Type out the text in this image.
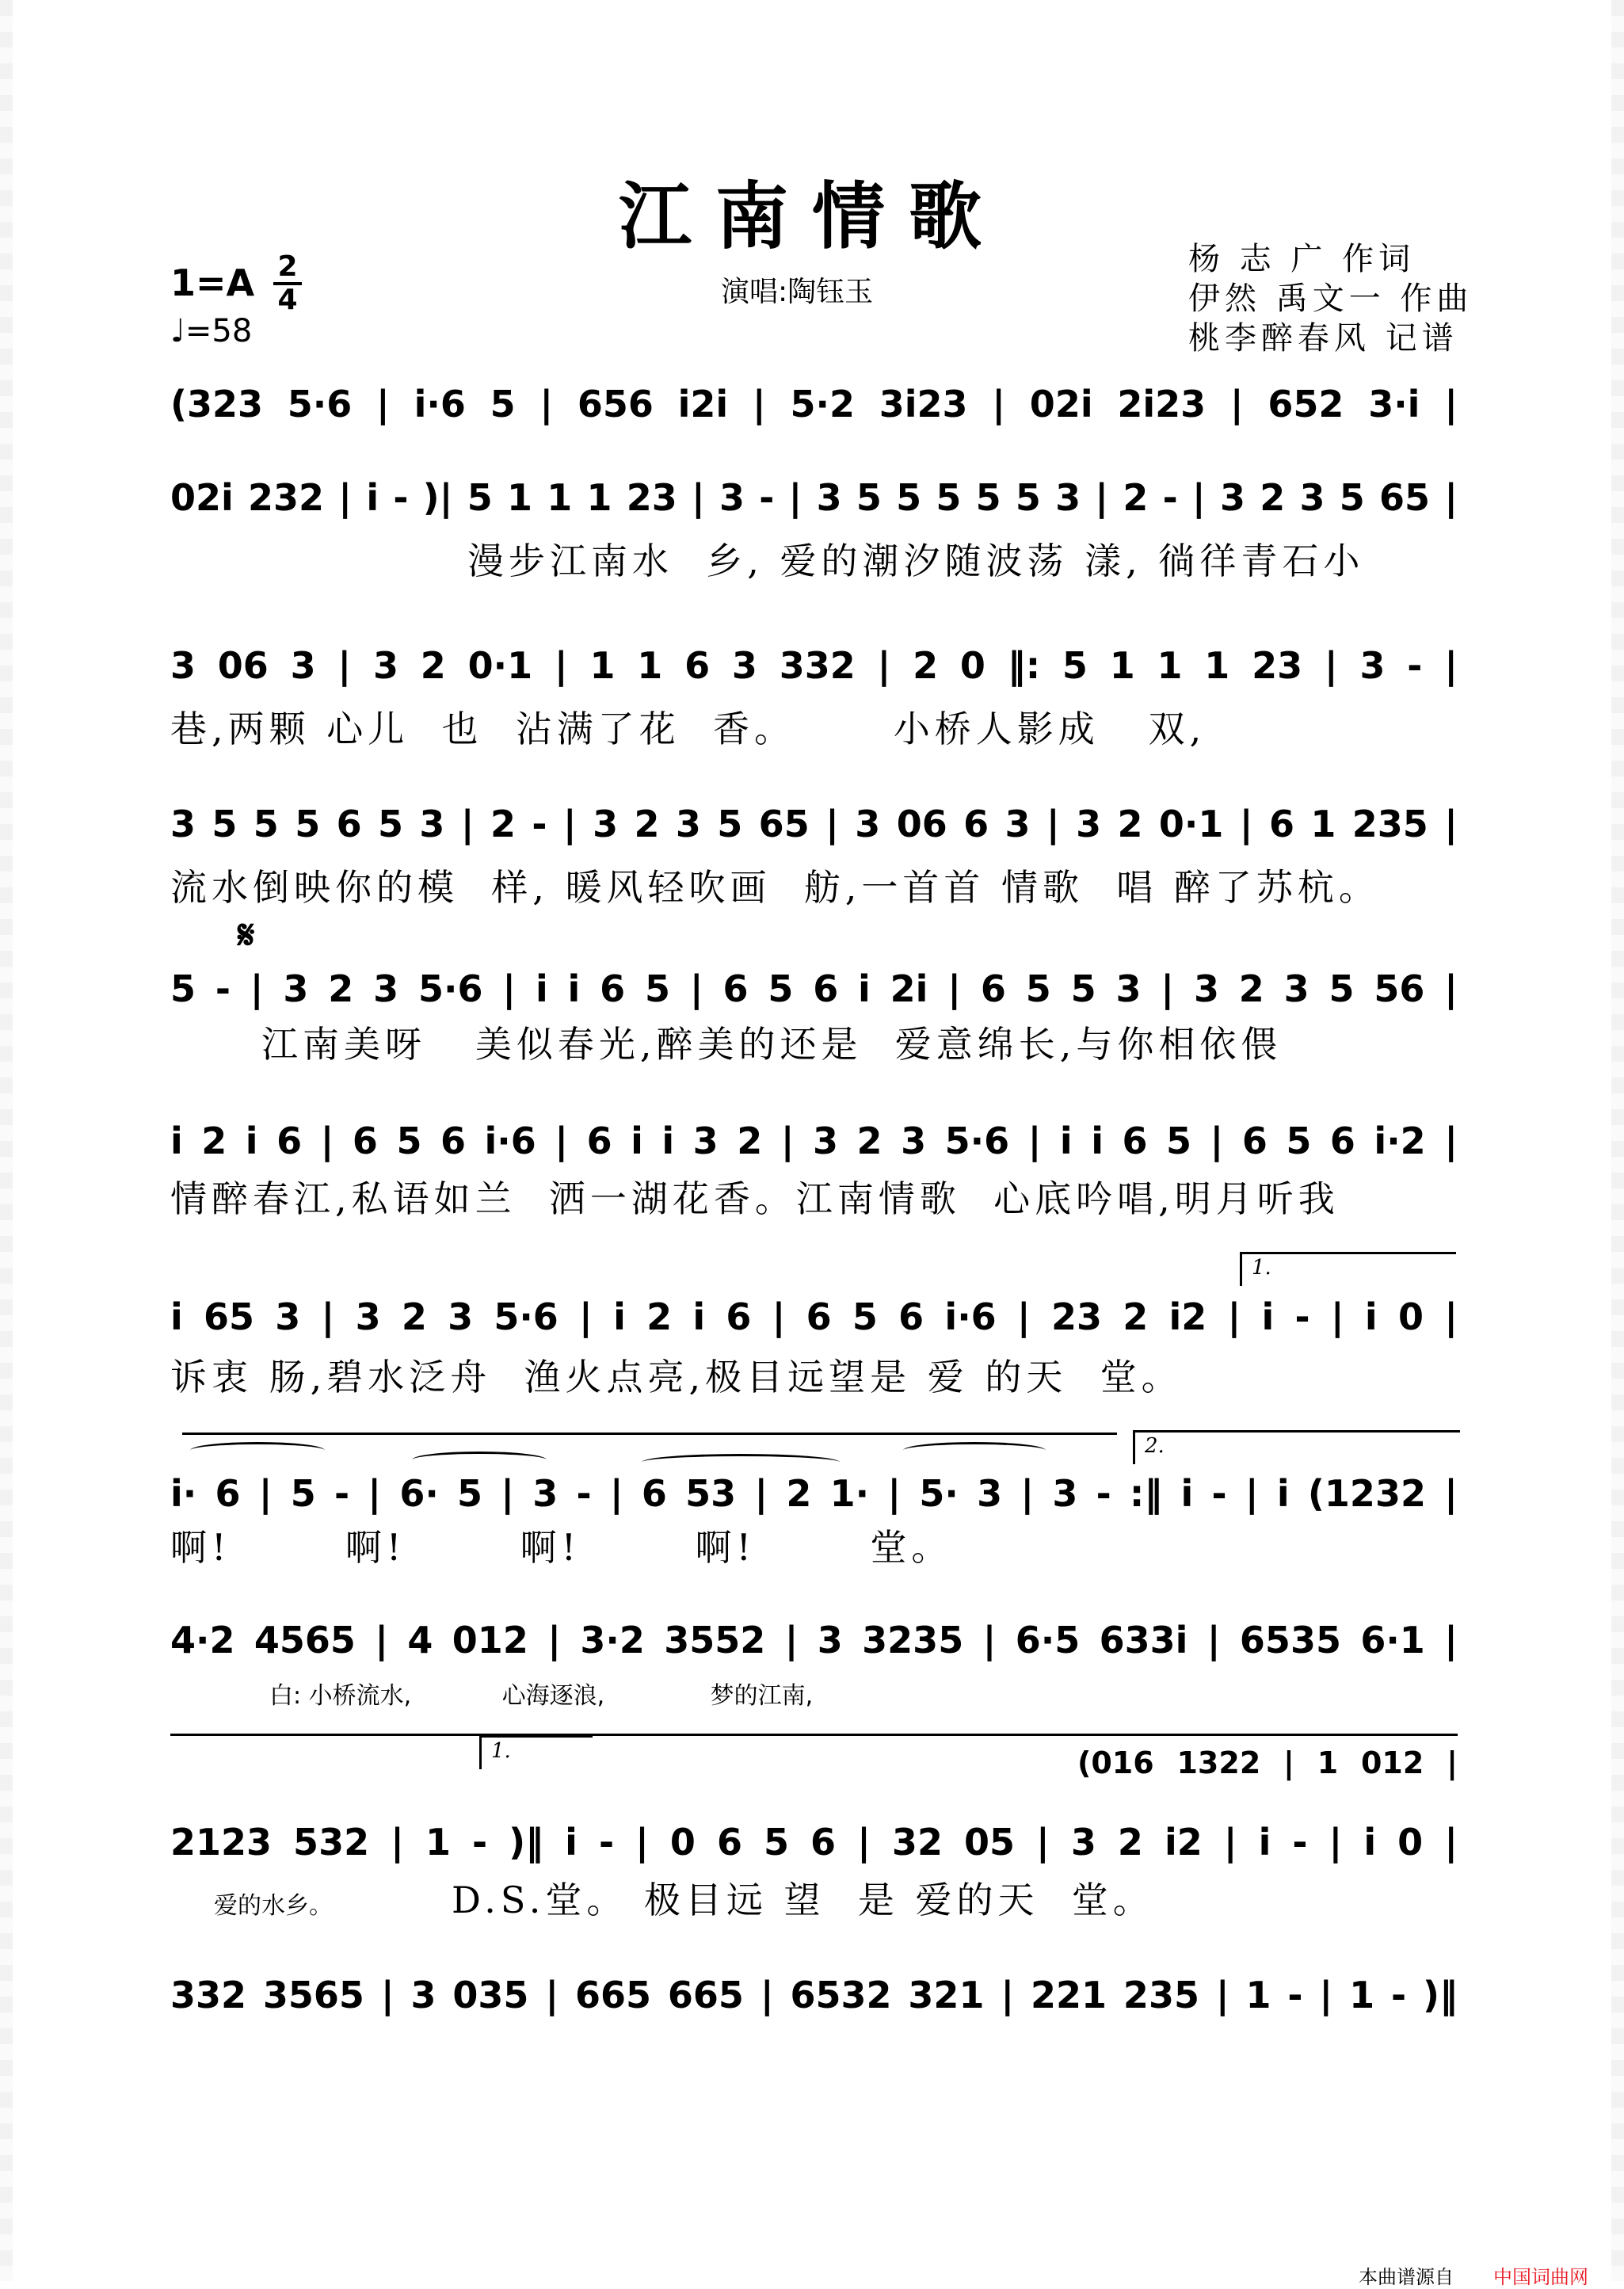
江南情歌
演唱:陶钰玉
杨 志 广 作词
伊然 禹文一 作曲
桃李醉春风 记谱
$1=A \frac{2}{4}$
♩=58
(323 5·6 | i·6 5 | 656 i2i | 5·2 3i23 | 02i 2i23 | 652 3·i |
02i 232 | i - )| 5 1 1 1 23 | 3 - | 3 5 5 5 5 5 3 | 2 - | 3 2 3 5 65 |
漫步江南水  乡, 爱的潮汐随波荡 漾, 徜徉青石小
3 06 3 | 3 2 0·1 | 1 1 6 3 332 | 2 0 ‖: 5 1 1 1 23 | 3 - |
巷,两颗 心儿  也  沾满了花  香。      小桥人影成   双,
3 5 5 5 6 5 3 | 2 - | 3 2 3 5 65 | 3 06 6 3 | 3 2 0·1 | 6 1 235 |
流水倒映你的模  样, 暖风轻吹画  舫,一首首 情歌  唱 醉了苏杭。
𝄋
5 - | 3 2 3 5·6 | i i 6 5 | 6 5 6 i 2i | 6 5 5 3 | 3 2 3 5 56 |
江南美呀   美似春光,醉美的还是  爱意绵长,与你相依偎
i 2 i 6 | 6 5 6 i·6 | 6 i i 3 2 | 3 2 3 5·6 | i i 6 5 | 6 5 6 i·2 |
情醉春江,私语如兰  洒一湖花香。江南情歌  心底吟唱,明月听我
1.
i 65 3 | 3 2 3 5·6 | i 2 i 6 | 6 5 6 i·6 | 23 2 i2 | i - | i 0 |
诉衷 肠,碧水泛舟  渔火点亮,极目远望是 爱 的天  堂。
2.
i· 6 | 5 - | 6· 5 | 3 - | 6 53 | 2 1· | 5· 3 | 3 - :‖ i - | i (1232 |
啊!       啊!       啊!       啊!       堂。
4·2 4565 | 4 012 | 3·2 3552 | 3 3235 | 6·5 633i | 6535 6·1 |
白: 小桥流水,            心海逐浪,              梦的江南,
1.	(016 1322 | 1 012 |
2123 532 | 1 - )‖ i - | 0 6 5 6 | 32 05 | 3 2 i2 | i - | i 0 |
爱的水乡。	D.S.堂。 极目远 望  是 爱的天  堂。
332 3565 | 3 035 | 665 665 | 6532 321 | 221 235 | 1 - | 1 - )‖
本曲谱源自 中国词曲网
